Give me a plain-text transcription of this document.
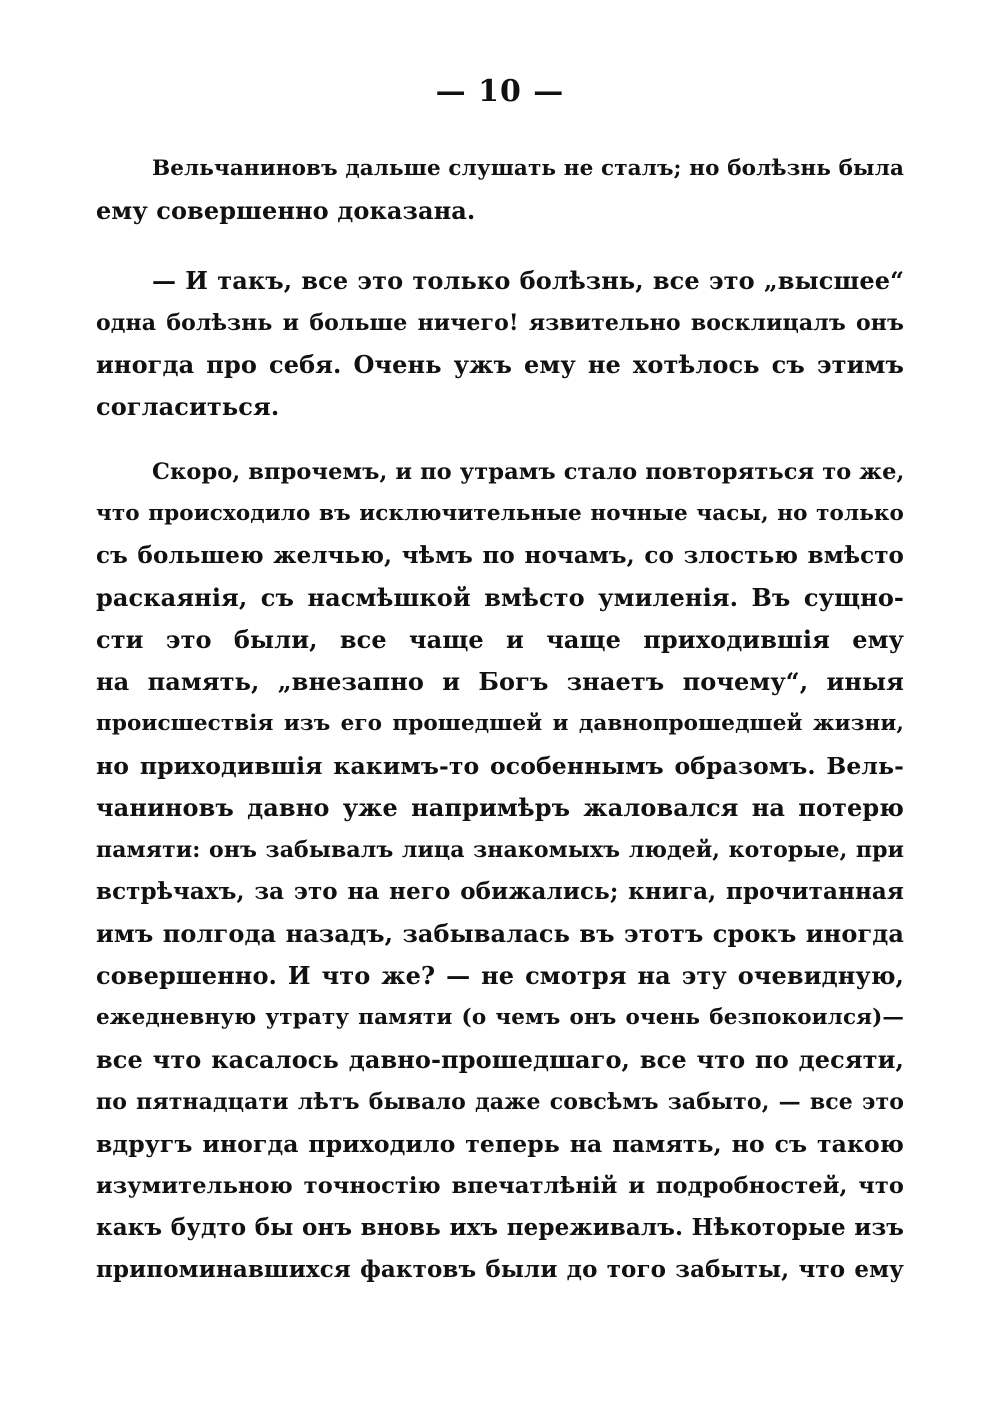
— 10 —
Вельчаниновъ дальше слушать не сталъ; но болѣзнь была
ему совершенно доказана.
— И такъ, все это только болѣзнь, все это „высшее“
одна болѣзнь и больше ничего! язвительно восклицалъ онъ
иногда про себя. Очень ужъ ему не хотѣлось съ этимъ
согласиться.
Скоро, впрочемъ, и по утрамъ стало повторяться то же,
что происходило въ исключительные ночные часы, но только
съ большею желчью, чѣмъ по ночамъ, со злостью вмѣсто
раскаянія, съ насмѣшкой вмѣсто умиленія. Въ сущно-
сти это были, все чаще и чаще приходившія ему
на память, „внезапно и Богъ знаетъ почему“, иныя
происшествія изъ его прошедшей и давнопрошедшей жизни,
но приходившія какимъ-то особеннымъ образомъ. Вель-
чаниновъ давно уже напримѣръ жаловался на потерю
памяти: онъ забывалъ лица знакомыхъ людей, которые, при
встрѣчахъ, за это на него обижались; книга, прочитанная
имъ полгода назадъ, забывалась въ этотъ срокъ иногда
совершенно. И что же? — не смотря на эту очевидную,
ежедневную утрату памяти (о чемъ онъ очень безпокоился)—
все что касалось давно-прошедшаго, все что по десяти,
по пятнадцати лѣтъ бывало даже совсѣмъ забыто, — все это
вдругъ иногда приходило теперь на память, но съ такою
изумительною точностію впечатлѣній и подробностей, что
какъ будто бы онъ вновь ихъ переживалъ. Нѣкоторые изъ
припоминавшихся фактовъ были до того забыты, что ему
